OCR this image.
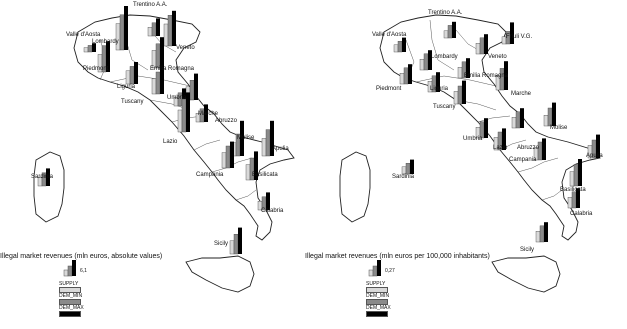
Trentino A.A.
Valle d'Aosta
Lombardy
Veneto
Piedmont	Emilia Romagna
Liguria
Tuscany
Marche
Umbria
Abruzzo
Lazio
Molise
Apulia
Campania
Sardinia	Basilicata
Calabria
Sicily
Trentino A.A.
Valle d'Aosta	Friuli V.G.
Lombardy	Veneto
Piedmont
Emilia Romagna
Liguria
Tuscany
Marche
Umbria
Abruzzo
Lazio
Molise
Apulia
Campania
Sardinia
Basilicata
Calabria
Sicily
Illegal market revenues (mln euros, absolute values)	Illegal market revenues (mln euros per 100,000 inhabitants)
6,1	0,27
SUPPLY
DEM_MIN
DEM_MAX
SUPPLY
DEM_MIN
DEM_MAX
